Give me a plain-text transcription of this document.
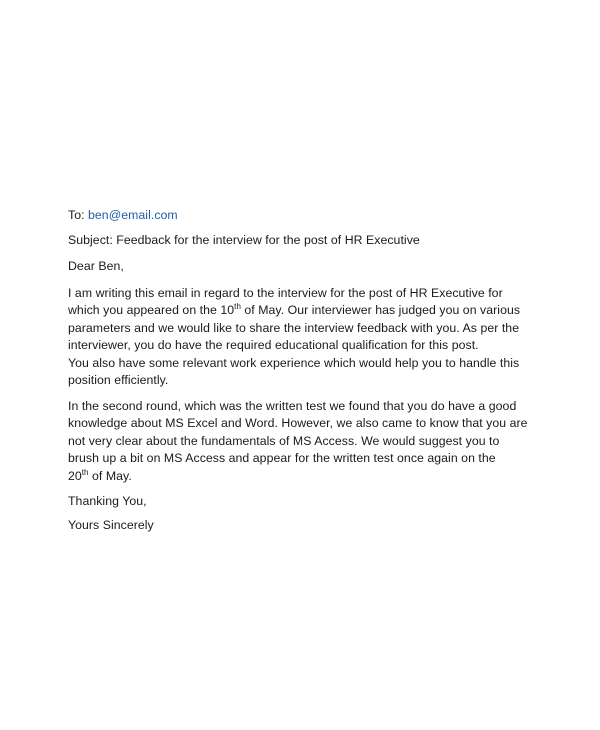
To: ben@email.com
Subject: Feedback for the interview for the post of HR Executive
Dear Ben,

I am writing this email in regard to the interview for the post of HR Executive for

which you appeared on the 10th of May. Our interviewer has judged you on various

parameters and we would like to share the interview feedback with you. As per the

interviewer, you do have the required educational qualification for this post.

You also have some relevant work experience which would help you to handle this

position efficiently.

In the second round, which was the written test we found that you do have a good

knowledge about MS Excel and Word. However, we also came to know that you are

not very clear about the fundamentals of MS Access. We would suggest you to

brush up a bit on MS Access and appear for the written test once again on the

20th of May.

Thanking You,
Yours Sincerely
